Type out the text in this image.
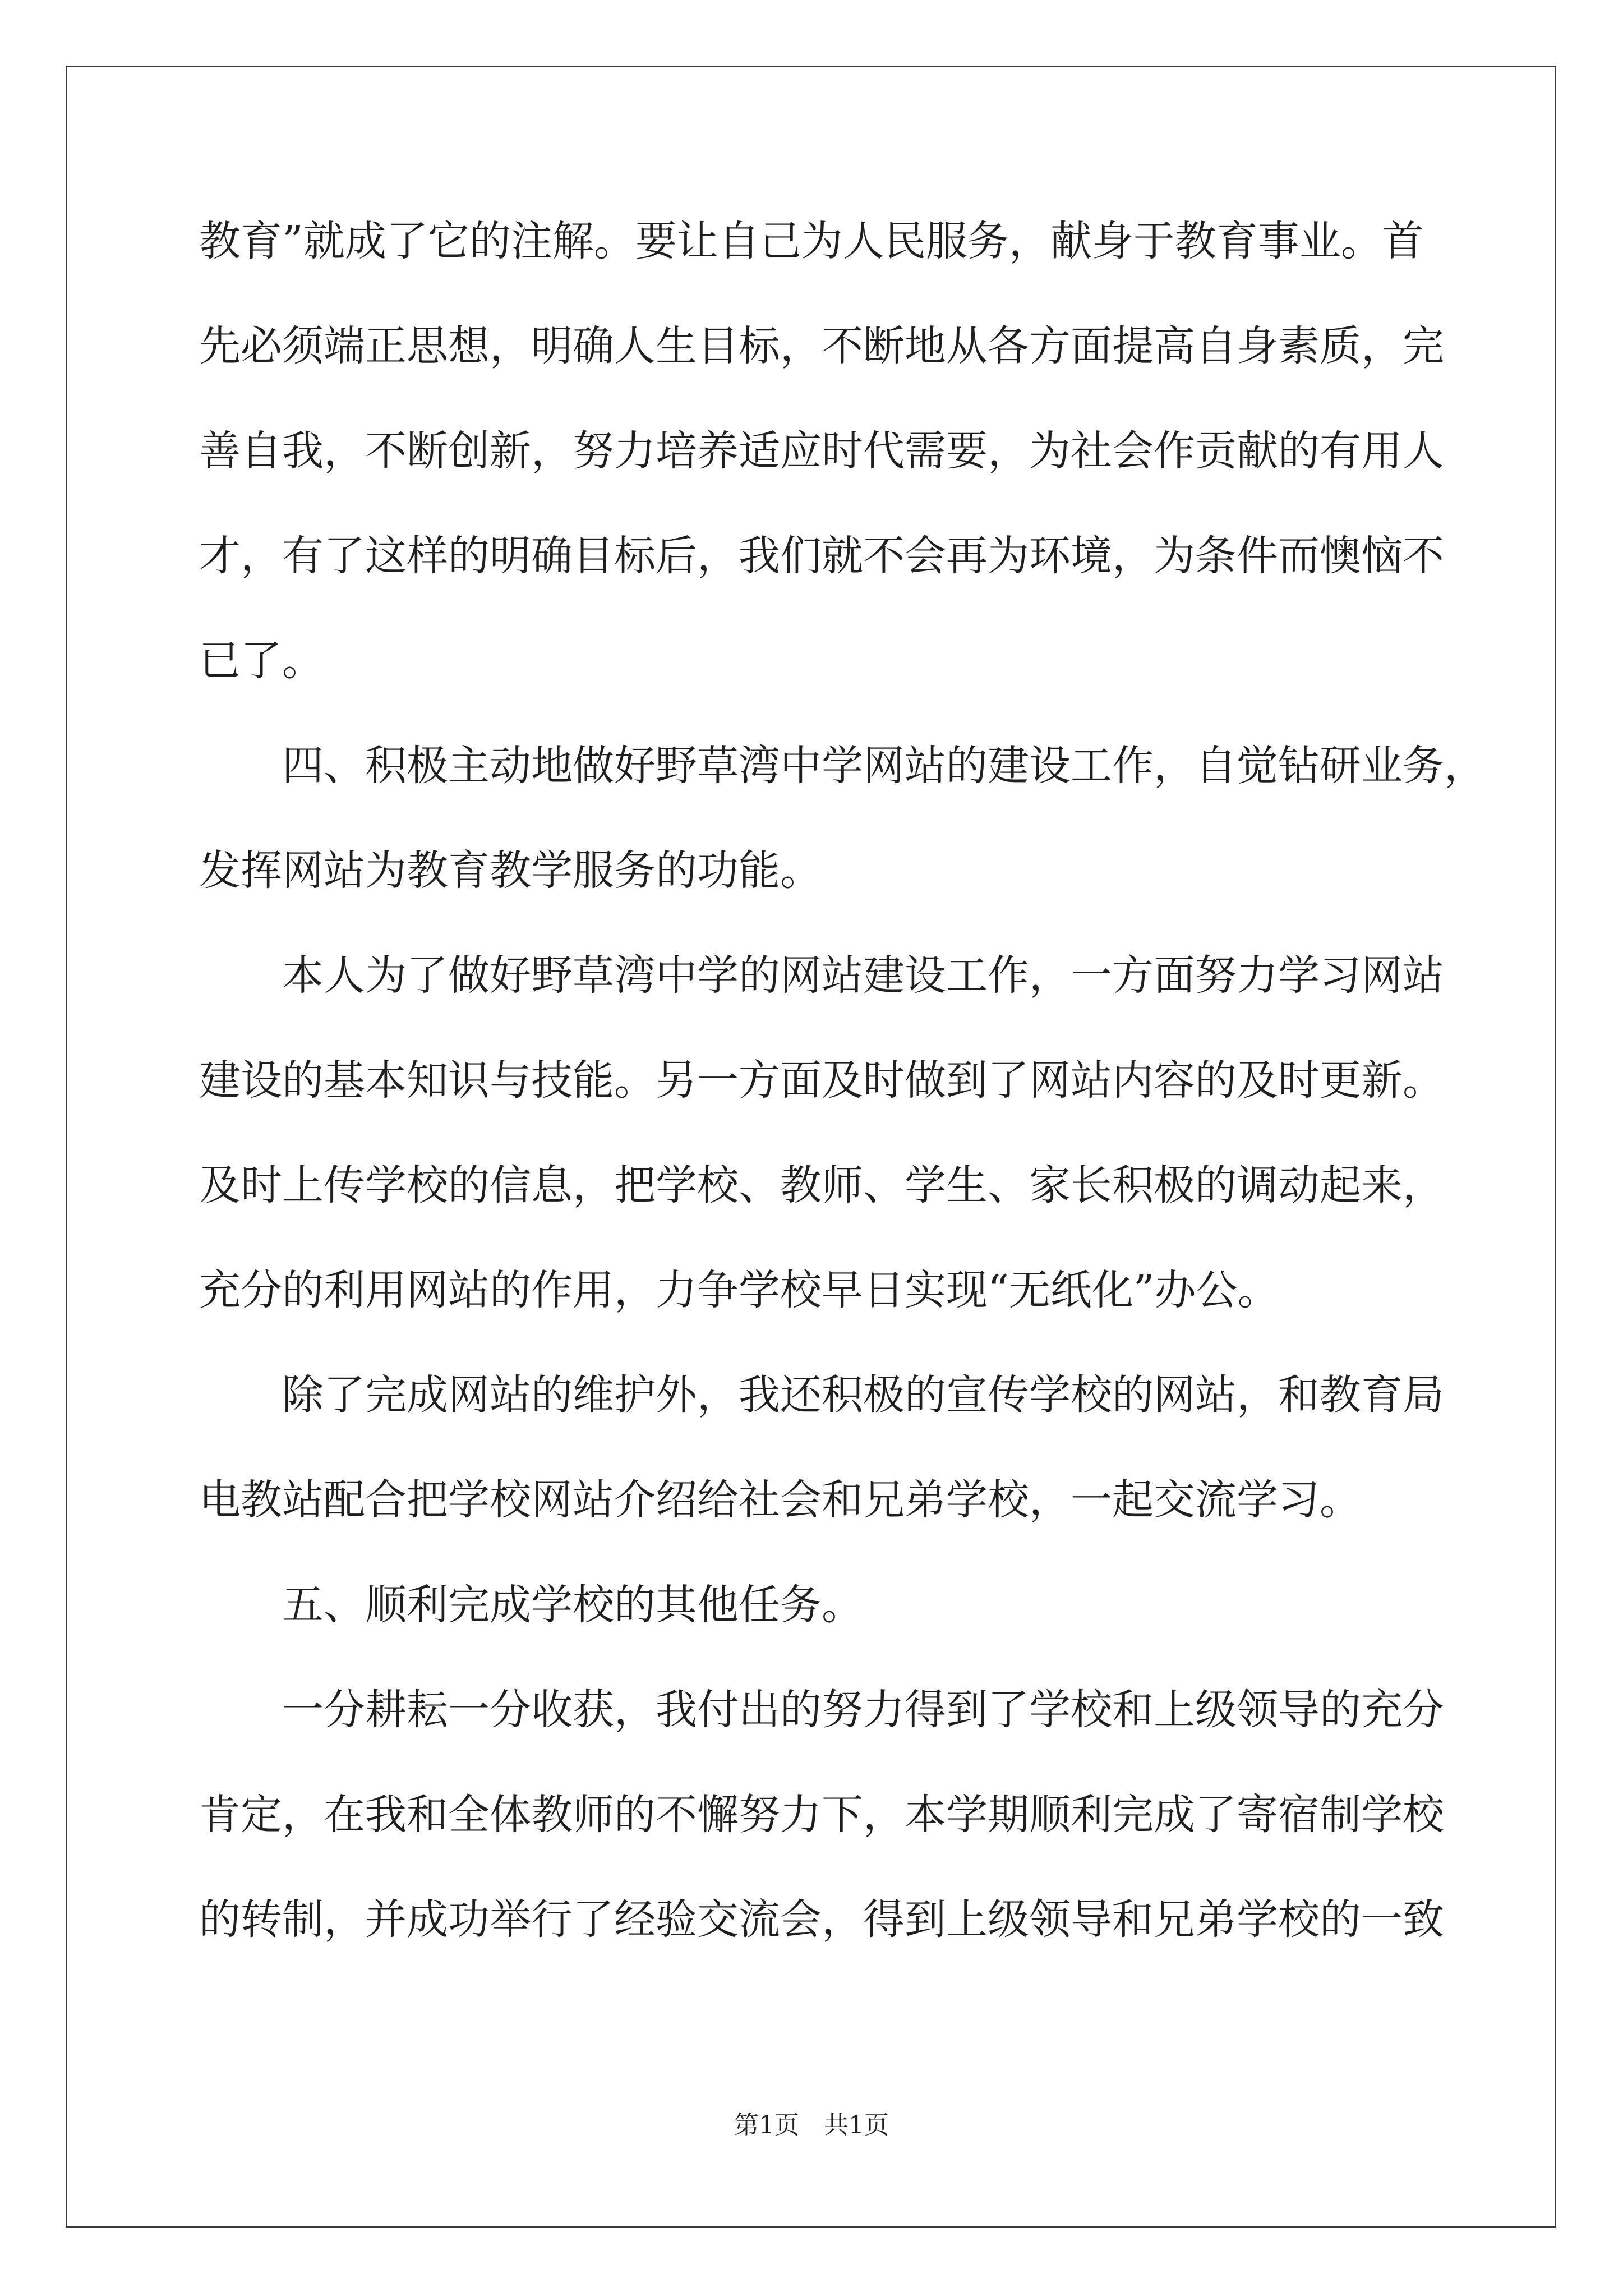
教育”就成了它的注解。要让自己为人民服务，献身于教育事业。首
先必须端正思想，明确人生目标，不断地从各方面提高自身素质，完
善自我，不断创新，努力培养适应时代需要，为社会作贡献的有用人
才，有了这样的明确目标后，我们就不会再为环境，为条件而懊恼不
已了。
　　四、积极主动地做好野草湾中学网站的建设工作，自觉钻研业务，
发挥网站为教育教学服务的功能。
　　本人为了做好野草湾中学的网站建设工作，一方面努力学习网站
建设的基本知识与技能。另一方面及时做到了网站内容的及时更新。
及时上传学校的信息，把学校、教师、学生、家长积极的调动起来，
充分的利用网站的作用，力争学校早日实现“无纸化”办公。
　　除了完成网站的维护外，我还积极的宣传学校的网站，和教育局
电教站配合把学校网站介绍给社会和兄弟学校，一起交流学习。
　　五、顺利完成学校的其他任务。
　　一分耕耘一分收获，我付出的努力得到了学校和上级领导的充分
肯定，在我和全体教师的不懈努力下，本学期顺利完成了寄宿制学校
的转制，并成功举行了经验交流会，得到上级领导和兄弟学校的一致
第1页　共1页
